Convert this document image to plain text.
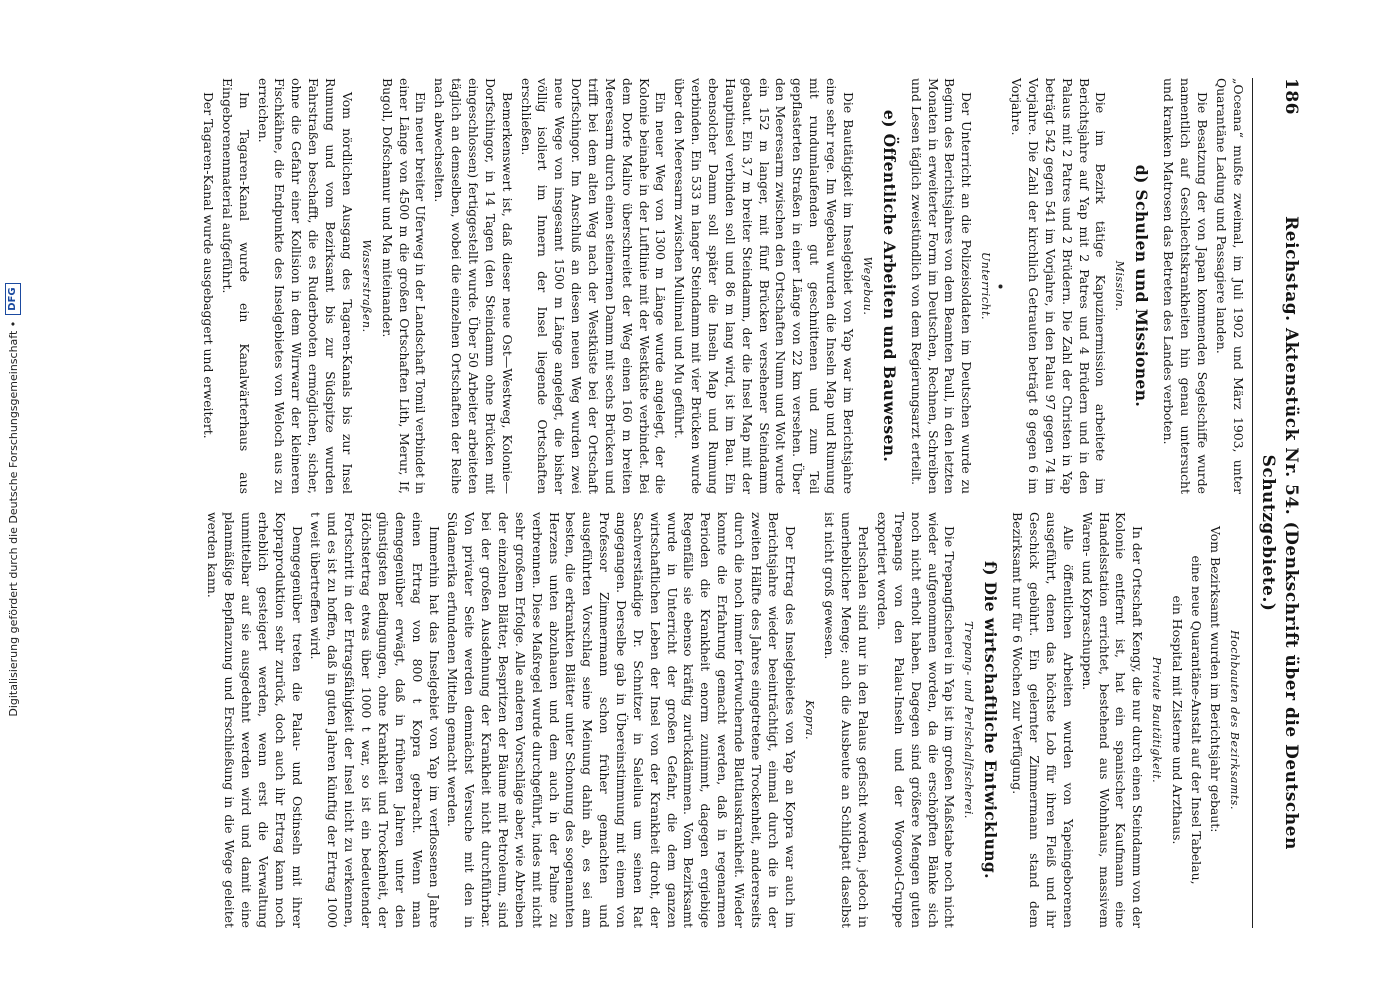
Digitalisierung gefördert durch die Deutsche Forschungsgemeinschaft •
DFG
186
Reichstag. Aktenstück Nr. 54. (Denkschrift über die Deutschen Schutzgebiete.)

„Oceana“ mußte zweimal, im Juli 1902 und März 1903, unter Quarantäne Ladung und Passagiere landen.

Die Besatzung der von Japan kommenden Segelschiffe wurde namentlich auf Geschlechtskrankheiten hin genau untersucht und kranken Matrosen das Betreten des Landes verboten.

d) Schulen und Missionen.
Mission.

Die im Bezirk tätige Kapuzinermission arbeitete im Berichtsjahre auf Yap mit 2 Patres und 4 Brüdern und in den Palaus mit 2 Patres und 2 Brüdern. Die Zahl der Christen in Yap beträgt 542 gegen 541 im Vorjahre, in den Palau 97 gegen 74 im Vorjahre. Die Zahl der kirchlich Getrauten beträgt 8 gegen 6 im Vorjahre.

Unterricht.

Der Unterricht an die Polizeisoldaten im Deutschen wurde zu Beginn des Berichtsjahres von dem Beamten Paull, in den letzten Monaten in erweiterter Form im Deutschen, Rechnen, Schreiben und Lesen täglich zweistündlich von dem Regierungsarzt erteilt.

e) Öffentliche Arbeiten und Bauwesen.
Wegebau.

Die Bautätigkeit im Inselgebiet von Yap war im Berichtsjahre eine sehr rege. Im Wegebau wurden die Inseln Map und Rumung mit rundumlaufenden gut geschnittenen und zum Teil gepflasterten Straßen in einer Länge von 22 km versehen. Über den Meeresarm zwischen den Ortschaften Numn und Wolt wurde ein 152 m langer, mit fünf Brücken versehener Steindamm gebaut. Ein 3,7 m breiter Steindamm, der die Insel Map mit der Hauptinsel verbinden soll und 86 m lang wird, ist im Bau. Ein ebensolcher Damm soll später die Inseln Map und Rumung verbinden. Ein 533 m langer Steindamm mit vier Brücken wurde über den Meeresarm zwischen Mulinnal und Mu geführt.

Ein neuer Weg von 1300 m Länge wurde angelegt, der die Kolonie beinahe in der Luftlinie mit der Westküste verbindet. Bei dem Dorfe Maliro überschreitet der Weg einen 160 m breiten Meeresarm durch einen steinernen Damm mit sechs Brücken und trifft bei dem alten Weg nach der Westküste bei der Ortschaft Dorfschingor. Im Anschluß an diesen neuen Weg wurden zwei neue Wege von insgesamt 1500 m Länge angelegt, die bisher völlig isoliert im Innern der Insel liegende Ortschaften erschließen.

Bemerkenswert ist, daß dieser neue Ost—Westweg, Kolonie—Dorfschingor, in 14 Tagen (den Steindamm ohne Brücken mit eingeschlossen) fertiggestellt wurde. Über 50 Arbeiter arbeiteten täglich an demselben, wobei die einzelnen Ortschaften der Reihe nach abwechselten.

Ein neuer breiter Uferweg in der Landschaft Tomil verbindet in einer Länge von 4500 m die großen Ortschaften Lith, Merur, If, Bugoll, Dofschamur und Ma miteinander.

Wasserstraßen.

Vom nördlichen Ausgang des Tagaren-Kanals bis zur Insel Rumung und vom Bezirksamt bis zur Südspitze wurden Fahrstraßen beschafft, die es Ruderbooten ermöglichen, sicher, ohne die Gefahr einer Kollision in dem Wirrwarr der kleineren Fischkähne, die Endpunkte des Inselgebietes von Weloch aus zu erreichen.

Im Tagaren-Kanal wurde ein Kanalwärterhaus aus Eingeborenenmaterial aufgeführt.

Der Tagaren-Kanal wurde ausgebaggert und erweitert.

Hochbauten des Bezirksamts.

Vom Bezirksamt wurden im Berichtsjahr gebaut:

eine neue Quarantäne-Anstalt auf der Insel Tabelau,

ein Hospital mit Zisterne und Arzthaus.

Private Bautätigkeit.

In der Ortschaft Kengy, die nur durch einen Steindamm von der Kolonie entfernt ist, hat ein spanischer Kaufmann eine Handelsstation errichtet, bestehend aus Wohnhaus, massivem Waren- und Kopraschuppen.

Alle öffentlichen Arbeiten wurden von Yapeingeborenen ausgeführt, denen das höchste Lob für ihren Fleiß und ihr Geschick gebührt. Ein gelernter Zimmermann stand dem Bezirksamt nur für 6 Wochen zur Verfügung.

f) Die wirtschaftliche Entwicklung.
Trepang- und Perlschalfischerei.

Die Trepangfischerei in Yap ist im großen Maßstabe noch nicht wieder aufgenommen worden, da die erschöpften Bänke sich noch nicht erholt haben. Dagegen sind größere Mengen guten Trepangs von den Palau-Inseln und der Wogowol-Gruppe exportiert worden.

Perlschalen sind nur in den Palaus gefischt worden, jedoch in unerheblicher Menge; auch die Ausbeute an Schildpatt daselbst ist nicht groß gewesen.

Kopra.

Der Ertrag des Inselgebietes von Yap an Kopra war auch im Berichtsjahre wieder beeinträchtigt, einmal durch die in der zweiten Hälfte des Jahres eingetretene Trockenheit, andererseits durch die noch immer fortwuchernde Blattlauskrankheit. Wieder konnte die Erfahrung gemacht werden, daß in regenarmen Perioden die Krankheit enorm zunimmt, dagegen ergiebige Regenfälle sie ebenso kräftig zurückdämmen. Vom Bezirksamt wurde in Unterricht der großen Gefahr, die dem ganzen wirtschaftlichen Leben der Insel von der Krankheit droht, der Sachverständige Dr. Schnitzer in Saleilua um seinen Rat angegangen. Derselbe gab in Übereinstimmung mit einem von Professor Zimmermann schon früher gemachten und ausgeführten Vorschlag seine Meinung dahin ab, es sei am besten, die erkrankten Blätter unter Schonung des sogenannten Herzens unten abzuhauen und dem auch in der Palme zu verbrennen. Diese Maßregel wurde durchgeführt, indes mit nicht sehr großem Erfolge. Alle anderen Vorschläge aber, wie Abreiben der einzelnen Blätter, Bespritzen der Bäume mit Petroleum, sind bei der großen Ausdehnung der Krankheit nicht durchführbar. Von privater Seite werden demnächst Versuche mit den in Südamerika erfundenen Mitteln gemacht werden.

Immerhin hat das Inselgebiet von Yap im verflossenen Jahre einen Ertrag von 800 t Kopra gebracht. Wenn man demgegenüber erwägt, daß in früheren Jahren unter den günstigsten Bedingungen, ohne Krankheit und Trockenheit, der Höchstertrag etwas über 1000 t war, so ist ein bedeutender Fortschritt in der Ertragsfähigkeit der Insel nicht zu verkennen, und es ist zu hoffen, daß in guten Jahren künftig der Ertrag 1000 t weit übertreffen wird.

Demgegenüber treten die Palau- und Ostinseln mit ihrer Kopraproduktion sehr zurück, doch auch ihr Ertrag kann noch erheblich gesteigert werden, wenn erst die Verwaltung unmittelbar auf sie ausgedehnt werden wird und damit eine planmäßige Bepflanzung und Erschließung in die Wege geleitet werden kann.
